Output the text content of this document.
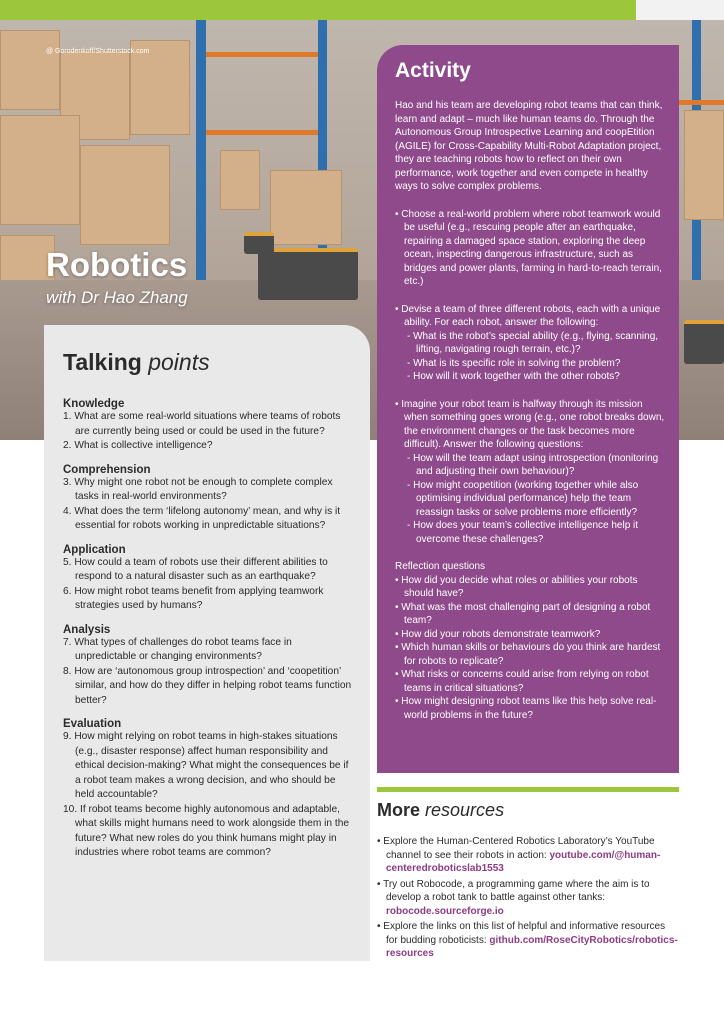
@ Gorodenkoff/Shutterstock.com
Robotics
with Dr Hao Zhang
Talking points
Knowledge
1. What are some real-world situations where teams of robots are currently being used or could be used in the future?
2. What is collective intelligence?
Comprehension
3. Why might one robot not be enough to complete complex tasks in real-world environments?
4. What does the term ‘lifelong autonomy’ mean, and why is it essential for robots working in unpredictable situations?
Application
5. How could a team of robots use their different abilities to respond to a natural disaster such as an earthquake?
6. How might robot teams benefit from applying teamwork strategies used by humans?
Analysis
7. What types of challenges do robot teams face in unpredictable or changing environments?
8. How are ‘autonomous group introspection’ and ‘coopetition’ similar, and how do they differ in helping robot teams function better?
Evaluation
9. How might relying on robot teams in high-stakes situations (e.g., disaster response) affect human responsibility and ethical decision-making? What might the consequences be if a robot team makes a wrong decision, and who should be held accountable?
10. If robot teams become highly autonomous and adaptable, what skills might humans need to work alongside them in the future? What new roles do you think humans might play in industries where robot teams are common?
Activity

Hao and his team are developing robot teams that can think, learn and adapt – much like human teams do. Through the Autonomous Group Introspective Learning and coopEtition (AGILE) for Cross-Capability Multi-Robot Adaptation project, they are teaching robots how to reflect on their own performance, work together and even compete in healthy ways to solve complex problems.

• Choose a real-world problem where robot teamwork would be useful (e.g., rescuing people after an earthquake, repairing a damaged space station, exploring the deep ocean, inspecting dangerous infrastructure, such as bridges and power plants, farming in hard-to-reach terrain, etc.)
• Devise a team of three different robots, each with a unique ability. For each robot, answer the following:
- What is the robot’s special ability (e.g., flying, scanning, lifting, navigating rough terrain, etc.)?
- What is its specific role in solving the problem?
- How will it work together with the other robots?
• Imagine your robot team is halfway through its mission when something goes wrong (e.g., one robot breaks down, the environment changes or the task becomes more difficult). Answer the following questions:
- How will the team adapt using introspection (monitoring and adjusting their own behaviour)?
- How might coopetition (working together while also optimising individual performance) help the team reassign tasks or solve problems more efficiently?
- How does your team’s collective intelligence help it overcome these challenges?
Reflection questions
• How did you decide what roles or abilities your robots should have?
• What was the most challenging part of designing a robot team?
• How did your robots demonstrate teamwork?
• Which human skills or behaviours do you think are hardest for robots to replicate?
• What risks or concerns could arise from relying on robot teams in critical situations?
• How might designing robot teams like this help solve real-world problems in the future?
More resources
• Explore the Human-Centered Robotics Laboratory’s YouTube channel to see their robots in action: youtube.com/@human-centeredroboticslab1553
• Try out Robocode, a programming game where the aim is to develop a robot tank to battle against other tanks: robocode.sourceforge.io
• Explore the links on this list of helpful and informative resources for budding roboticists: github.com/RoseCityRobotics/robotics-resources
